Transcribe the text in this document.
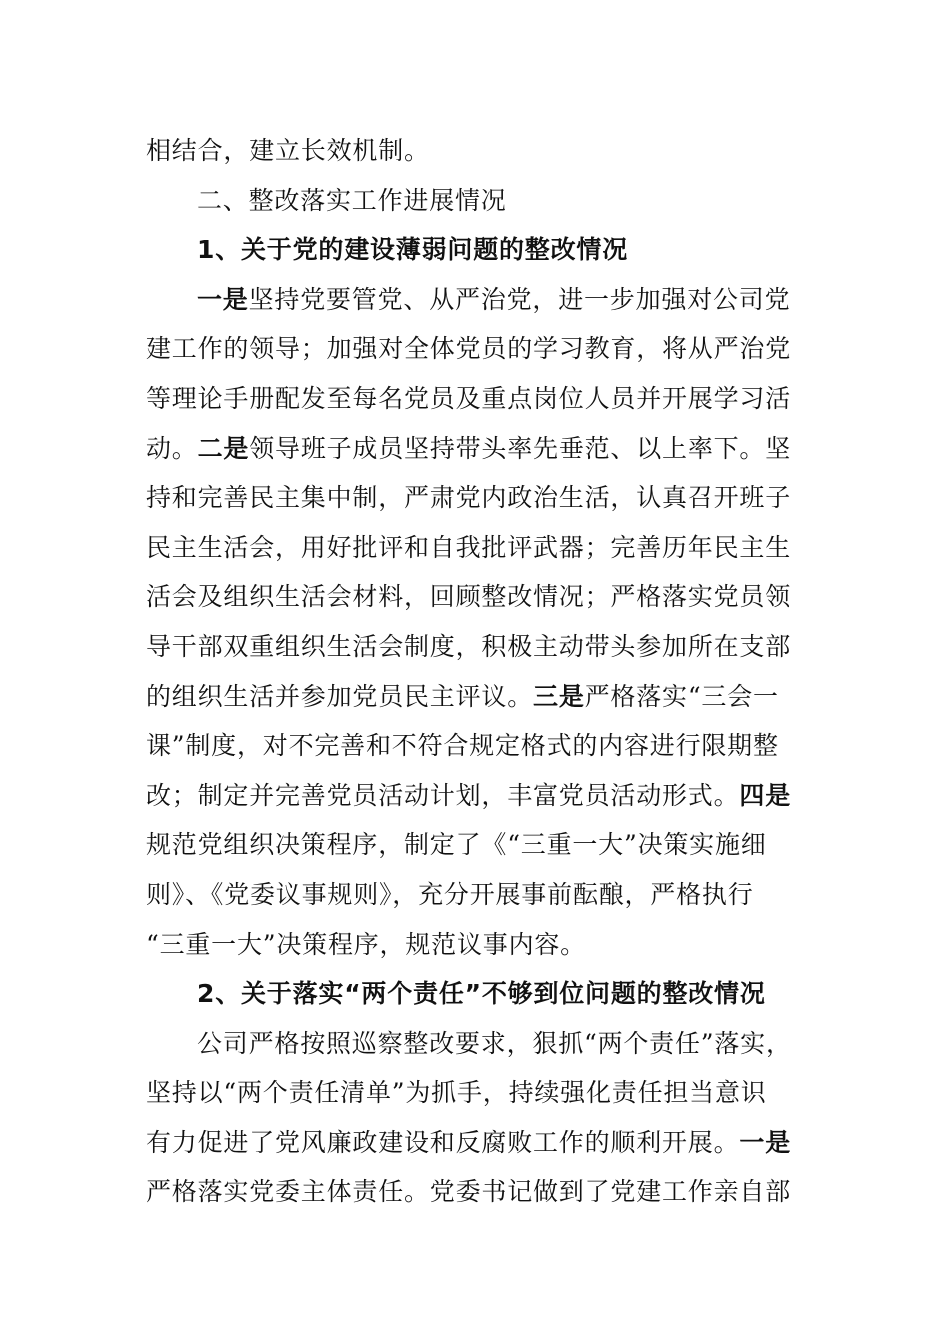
相结合，建立长效机制。
二、整改落实工作进展情况
1、关于党的建设薄弱问题的整改情况
一是坚持党要管党、从严治党，进一步加强对公司党
建工作的领导；加强对全体党员的学习教育，将从严治党
等理论手册配发至每名党员及重点岗位人员并开展学习活
动。二是领导班子成员坚持带头率先垂范、以上率下。坚
持和完善民主集中制，严肃党内政治生活，认真召开班子
民主生活会，用好批评和自我批评武器；完善历年民主生
活会及组织生活会材料，回顾整改情况；严格落实党员领
导干部双重组织生活会制度，积极主动带头参加所在支部
的组织生活并参加党员民主评议。三是严格落实“三会一
课”制度，对不完善和不符合规定格式的内容进行限期整
改；制定并完善党员活动计划，丰富党员活动形式。四是
规范党组织决策程序，制定了《“三重一大”决策实施细
则》、《党委议事规则》，充分开展事前酝酿，严格执行
“三重一大”决策程序，规范议事内容。
2、关于落实“两个责任”不够到位问题的整改情况
公司严格按照巡察整改要求，狠抓“两个责任”落实，
坚持以“两个责任清单”为抓手，持续强化责任担当意识
有力促进了党风廉政建设和反腐败工作的顺利开展。一是
严格落实党委主体责任。党委书记做到了党建工作亲自部
